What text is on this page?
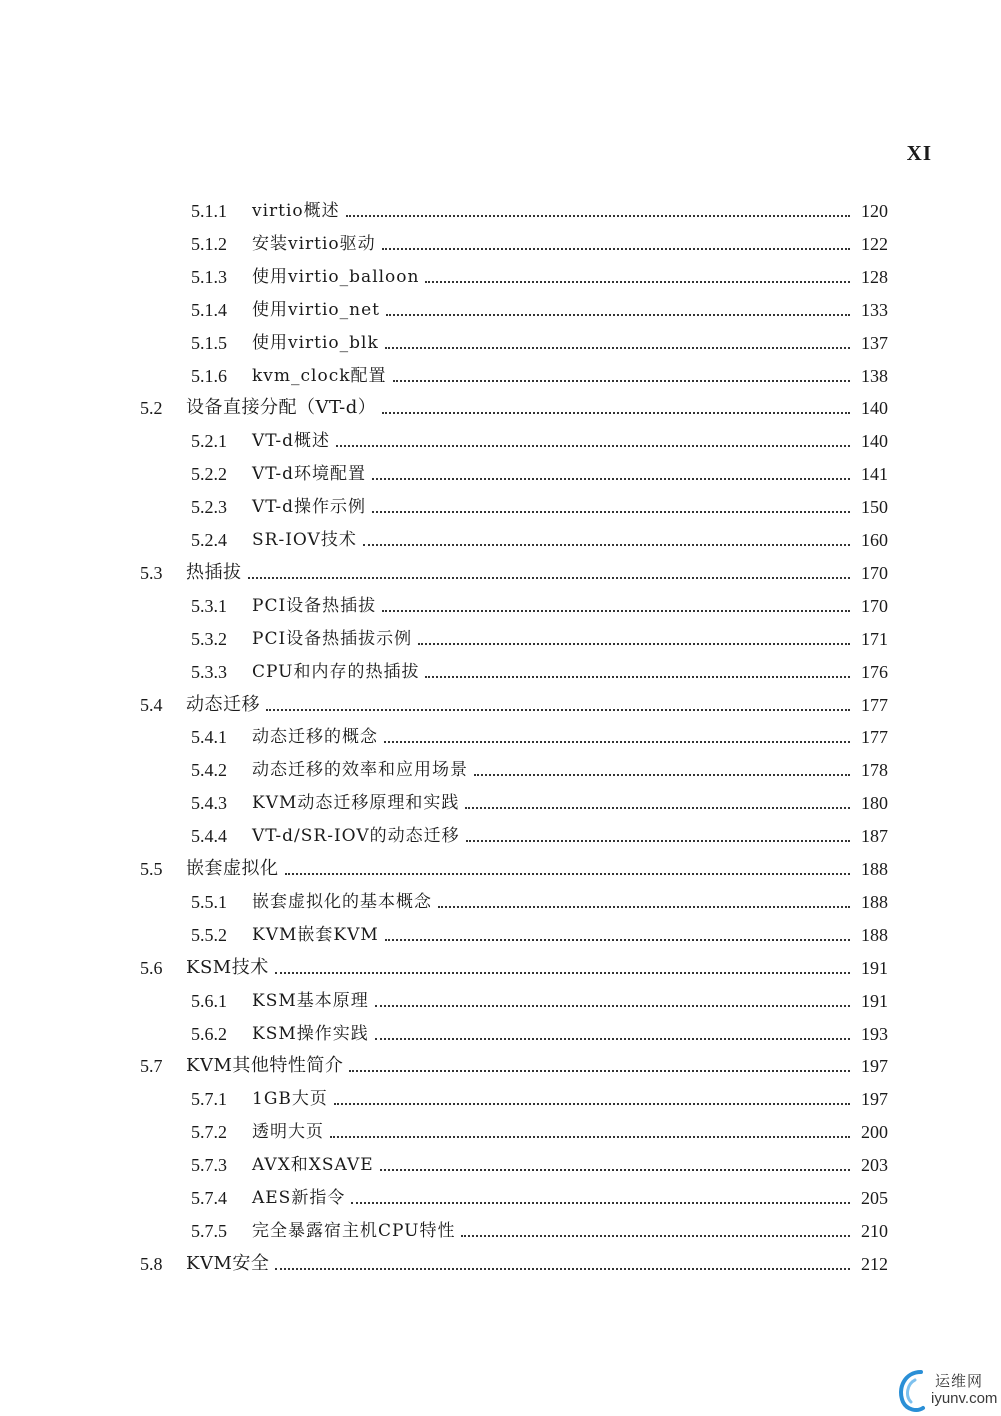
XI
5.1.1	virtio概述	120
5.1.2	安装virtio驱动	122
5.1.3	使用virtio_balloon	128
5.1.4	使用virtio_net	133
5.1.5	使用virtio_blk	137
5.1.6	kvm_clock配置	138
5.2	设备直接分配（VT-d）	140
5.2.1	VT-d概述	140
5.2.2	VT-d环境配置	141
5.2.3	VT-d操作示例	150
5.2.4	SR-IOV技术	160
5.3	热插拔	170
5.3.1	PCI设备热插拔	170
5.3.2	PCI设备热插拔示例	171
5.3.3	CPU和内存的热插拔	176
5.4	动态迁移	177
5.4.1	动态迁移的概念	177
5.4.2	动态迁移的效率和应用场景	178
5.4.3	KVM动态迁移原理和实践	180
5.4.4	VT-d/SR-IOV的动态迁移	187
5.5	嵌套虚拟化	188
5.5.1	嵌套虚拟化的基本概念	188
5.5.2	KVM嵌套KVM	188
5.6	KSM技术	191
5.6.1	KSM基本原理	191
5.6.2	KSM操作实践	193
5.7	KVM其他特性简介	197
5.7.1	1GB大页	197
5.7.2	透明大页	200
5.7.3	AVX和XSAVE	203
5.7.4	AES新指令	205
5.7.5	完全暴露宿主机CPU特性	210
5.8	KVM安全	212
运维网
iyunv.com
